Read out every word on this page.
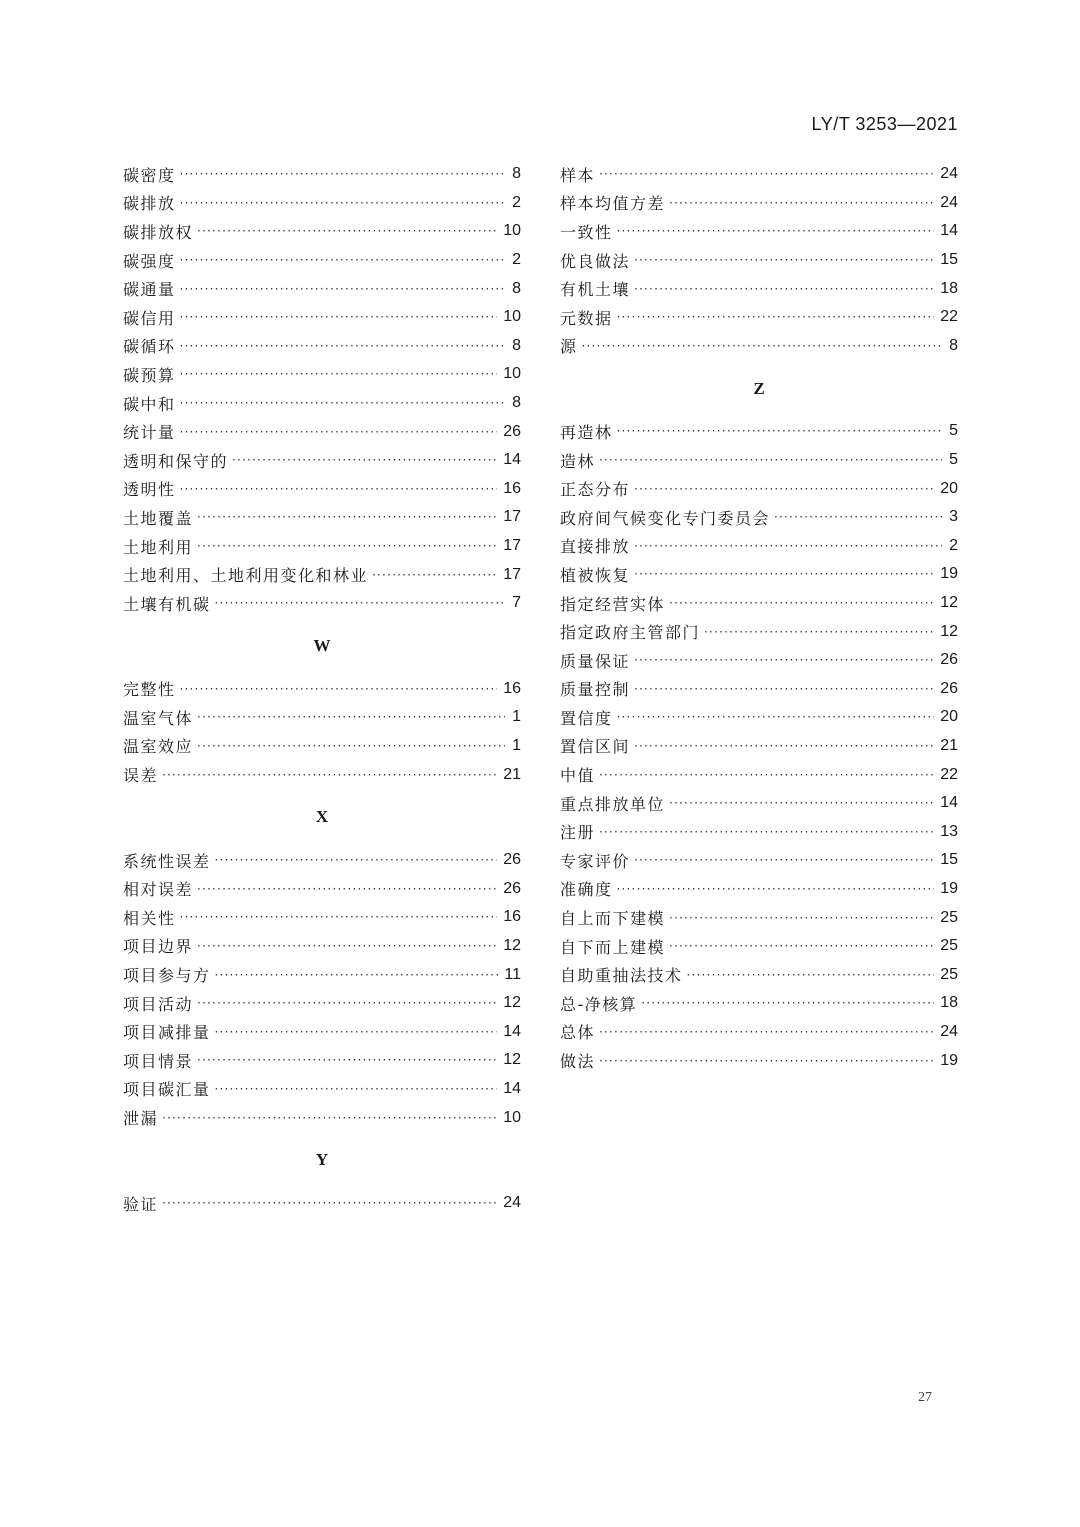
LY/T 3253—2021
碳密度 ·····	8
碳排放 ·····	2
碳排放权 ·····	10
碳强度 ·····	2
碳通量 ·····	8
碳信用 ·····	10
碳循环 ·····	8
碳预算 ·····	10
碳中和 ·····	8
统计量 ·····	26
透明和保守的 ·····	14
透明性 ·····	16
土地覆盖 ·····	17
土地利用 ·····	17
土地利用、土地利用变化和林业 ·····	17
土壤有机碳 ·····	7
W
完整性 ·····	16
温室气体 ·····	1
温室效应 ·····	1
误差 ·····	21
X
系统性误差 ·····	26
相对误差 ·····	26
相关性 ·····	16
项目边界 ·····	12
项目参与方 ·····	11
项目活动 ·····	12
项目减排量 ·····	14
项目情景 ·····	12
项目碳汇量 ·····	14
泄漏 ·····	10
Y
验证 ·····	24
样本 ·····	24
样本均值方差 ·····	24
一致性 ·····	14
优良做法 ·····	15
有机土壤 ·····	18
元数据 ·····	22
源 ·····	8
Z
再造林 ·····	5
造林 ·····	5
正态分布 ·····	20
政府间气候变化专门委员会 ·····	3
直接排放 ·····	2
植被恢复 ·····	19
指定经营实体 ·····	12
指定政府主管部门 ·····	12
质量保证 ·····	26
质量控制 ·····	26
置信度 ·····	20
置信区间 ·····	21
中值 ·····	22
重点排放单位 ·····	14
注册 ·····	13
专家评价 ·····	15
准确度 ·····	19
自上而下建模 ·····	25
自下而上建模 ·····	25
自助重抽法技术 ·····	25
总-净核算 ·····	18
总体 ·····	24
做法 ·····	19
27
